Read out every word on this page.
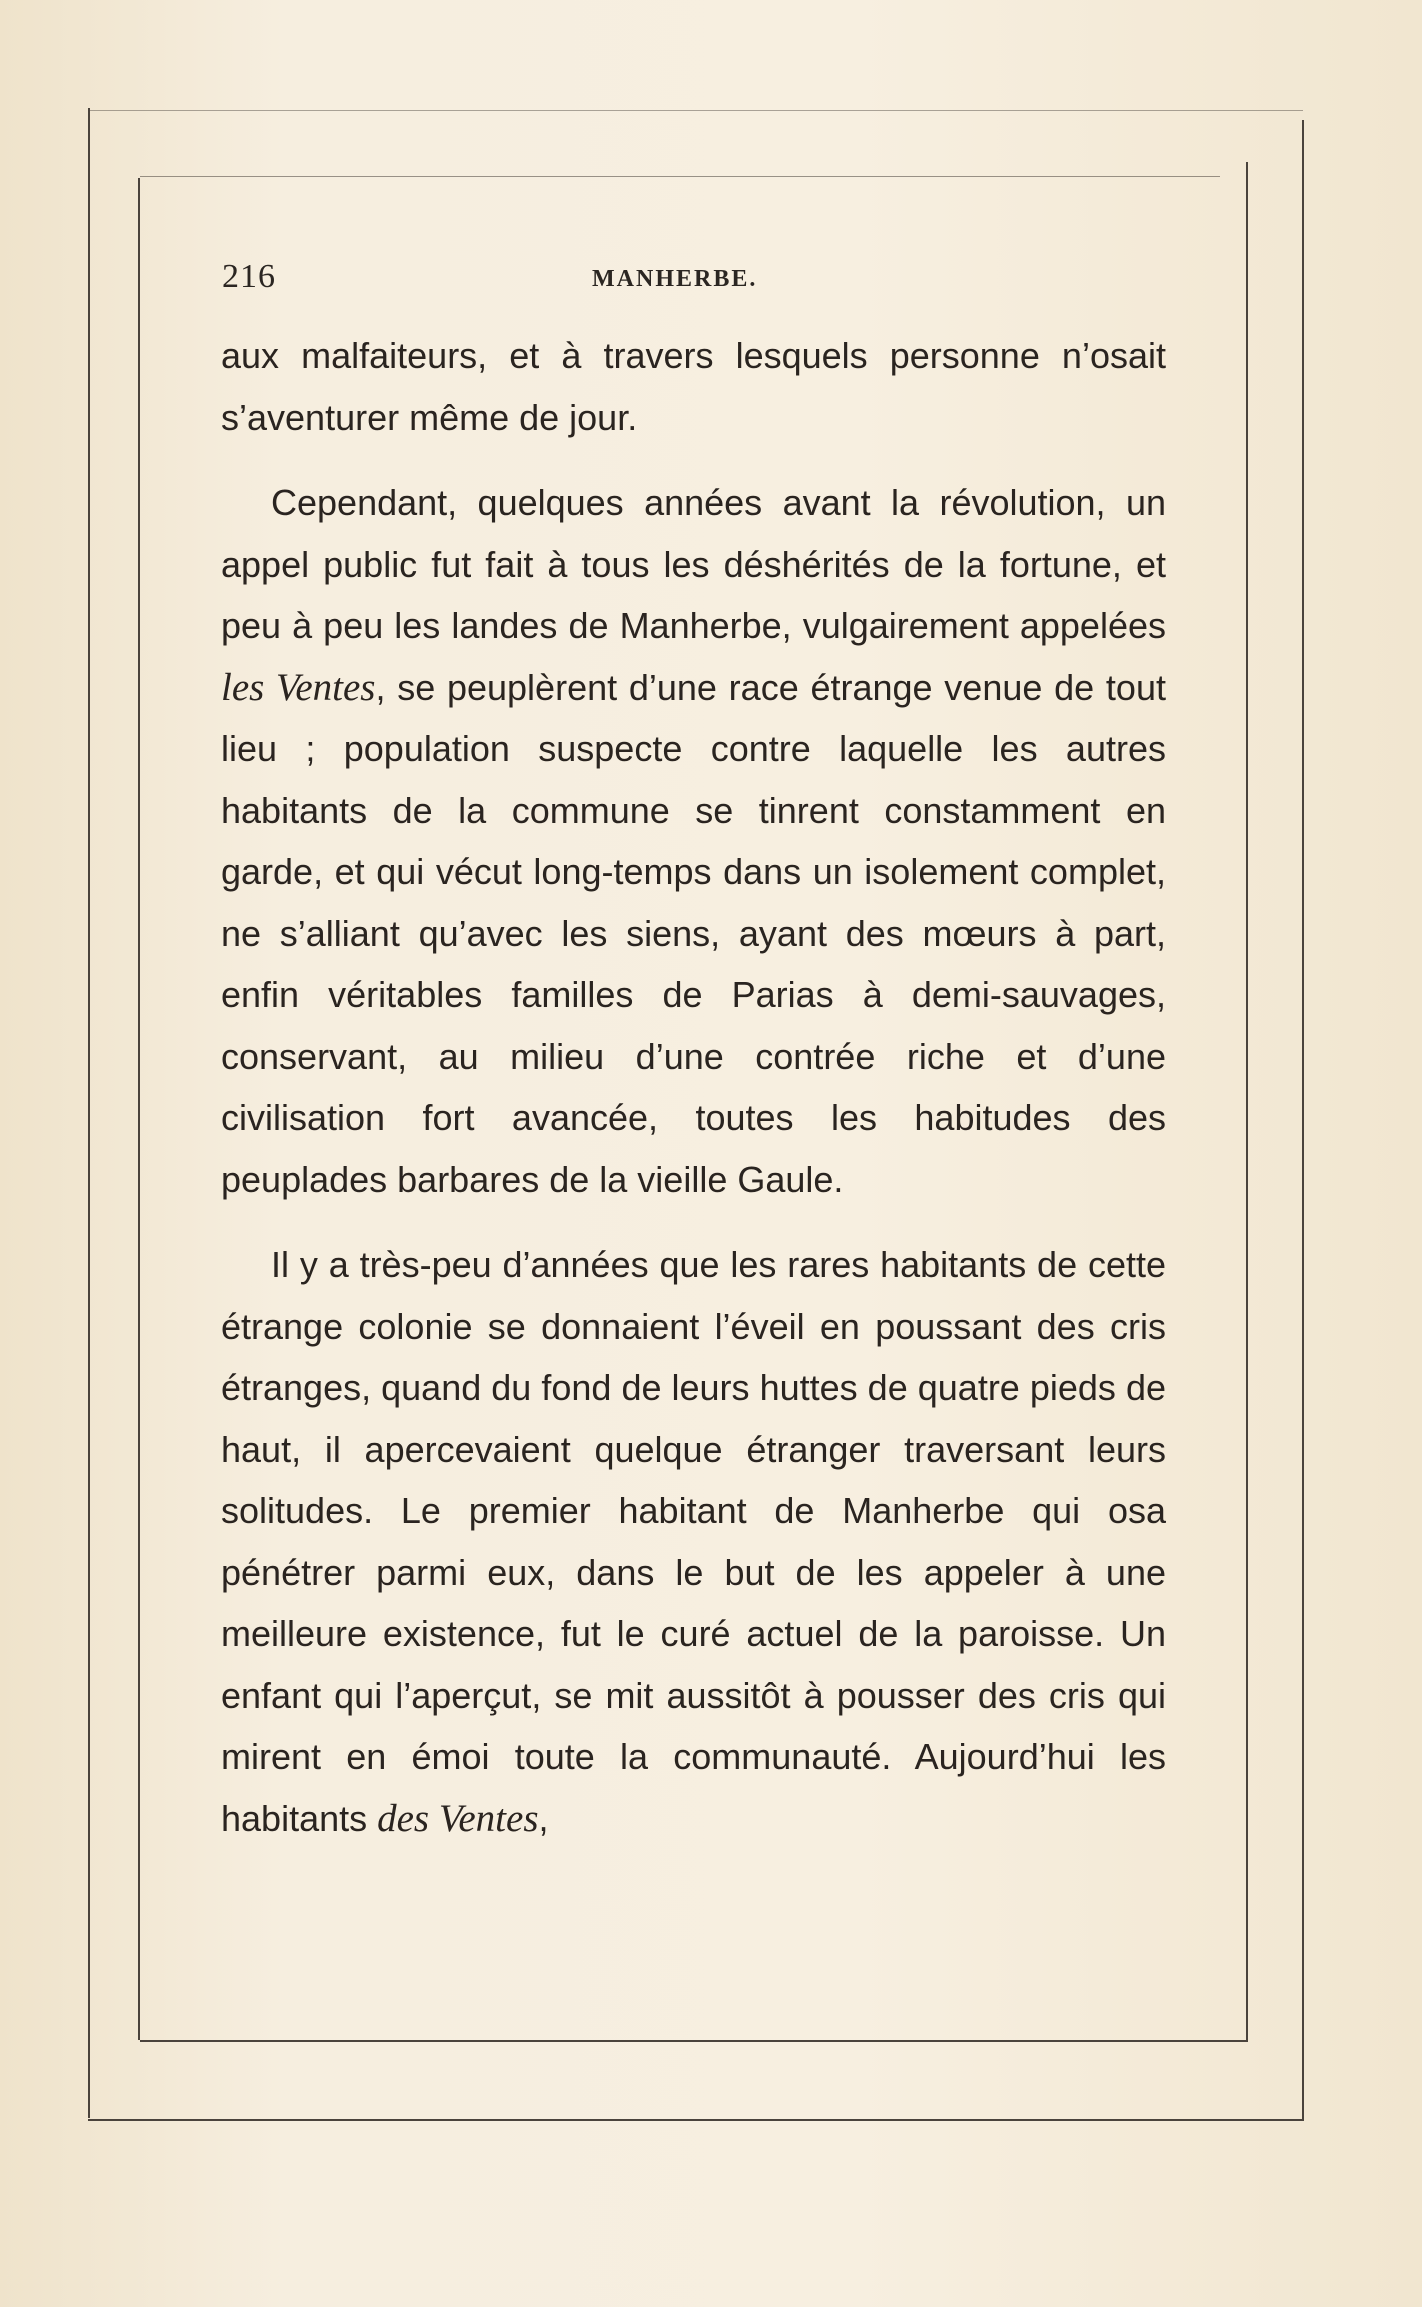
216	MANHERBE.

aux malfaiteurs, et à travers lesquels personne n’osait s’aventurer même de jour.

Cependant, quelques années avant la révolution, un appel public fut fait à tous les déshérités de la fortune, et peu à peu les landes de Manherbe, vulgairement appelées les Ventes, se peuplèrent d’une race étrange venue de tout lieu ; population suspecte contre laquelle les autres habitants de la commune se tinrent constamment en garde, et qui vécut long-temps dans un isolement complet, ne s’alliant qu’avec les siens, ayant des mœurs à part, enfin véritables familles de Parias à demi-sauvages, conservant, au milieu d’une contrée riche et d’une civilisation fort avancée, toutes les habitudes des peuplades barbares de la vieille Gaule.

Il y a très-peu d’années que les rares habitants de cette étrange colonie se donnaient l’éveil en poussant des cris étranges, quand du fond de leurs huttes de quatre pieds de haut, il apercevaient quelque étranger traversant leurs solitudes. Le premier habitant de Manherbe qui osa pénétrer parmi eux, dans le but de les appeler à une meilleure existence, fut le curé actuel de la paroisse. Un enfant qui l’aperçut, se mit aussitôt à pousser des cris qui mirent en émoi toute la communauté. Aujourd’hui les habitants des Ventes,
